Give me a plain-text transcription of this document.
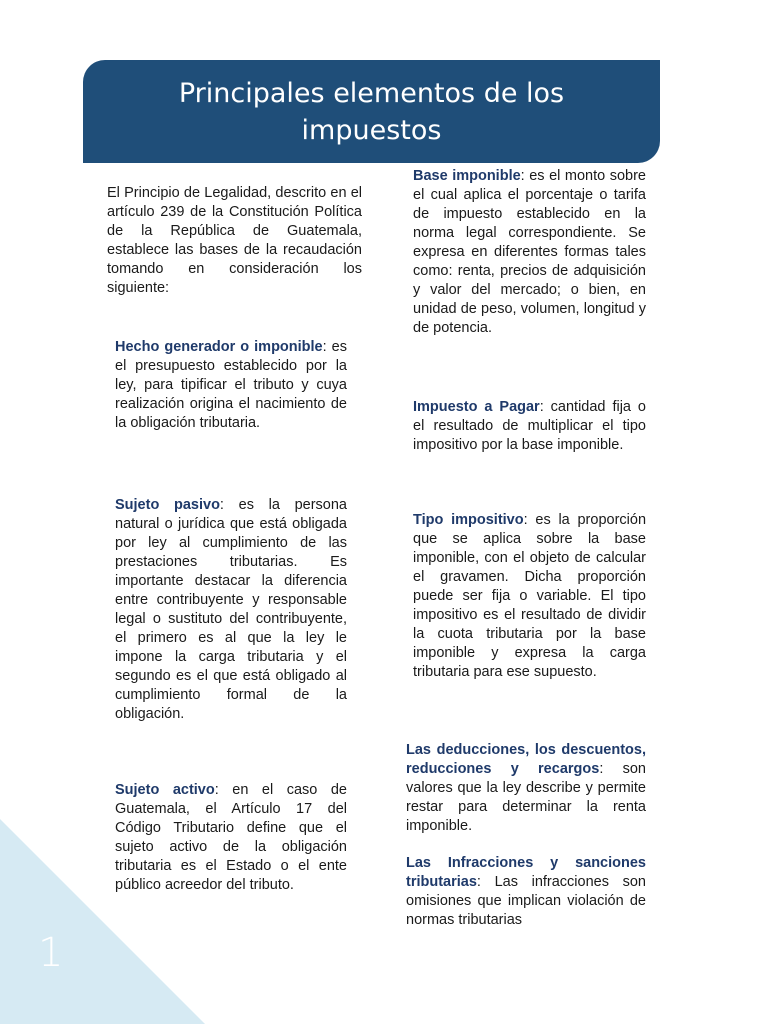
1
Principales elementos de los impuestos

El Principio de Legalidad, descrito en el artículo 239 de la Constitución Política de la República de Guatemala, establece las bases de la recaudación tomando en consideración los siguiente:

Hecho generador o imponible: es el presupuesto establecido por la ley, para tipificar el tributo y cuya realización origina el nacimiento de la obligación tributaria.

Sujeto pasivo: es la persona natural o jurídica que está obligada por ley al cumplimiento de las prestaciones tributarias. Es importante destacar la diferencia entre contribuyente y responsable legal o sustituto del contribuyente, el primero es al que la ley le impone la carga tributaria y el segundo es el que está obligado al cumplimiento formal de la obligación.

Sujeto activo: en el caso de Guatemala, el Artículo 17 del Código Tributario define que el sujeto activo de la obligación tributaria es el Estado o el ente público acreedor del tributo.

Base imponible: es el monto sobre el cual aplica el porcentaje o tarifa de impuesto establecido en la norma legal correspondiente. Se expresa en diferentes formas tales como: renta, precios de adquisición y valor del mercado; o bien, en unidad de peso, volumen, longitud y de potencia.

Impuesto a Pagar: cantidad fija o el resultado de multiplicar el tipo impositivo por la base imponible.

Tipo impositivo: es la proporción que se aplica sobre la base imponible, con el objeto de calcular el gravamen. Dicha proporción puede ser fija o variable. El tipo impositivo es el resultado de dividir la cuota tributaria por la base imponible y expresa la carga tributaria para ese supuesto.

Las deducciones, los descuentos, reducciones y recargos: son valores que la ley describe y permite restar para determinar la renta imponible.

Las Infracciones y sanciones tributarias: Las infracciones son omisiones que implican violación de normas tributarias
